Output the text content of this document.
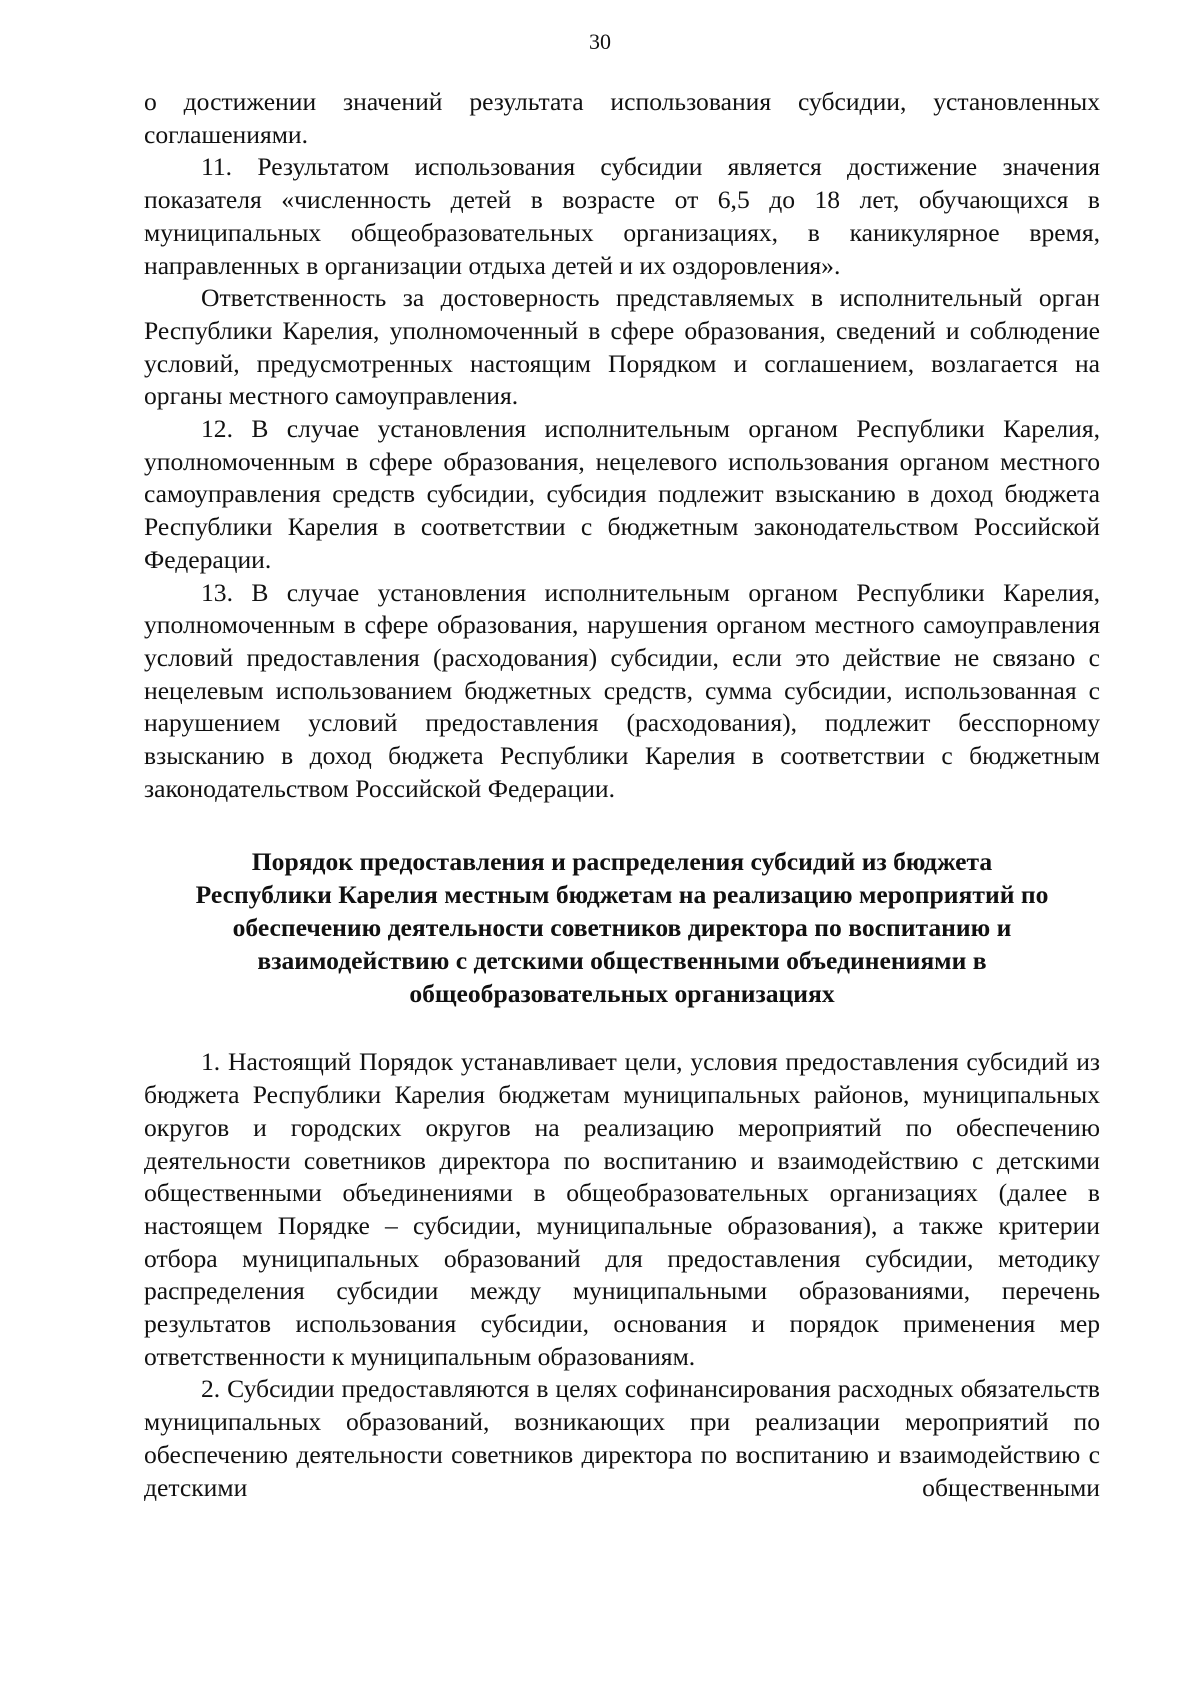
30

о достижении значений результата использования субсидии, установленных соглашениями.

11. Результатом использования субсидии является достижение значения показателя «численность детей в возрасте от 6,5 до 18 лет, обучающихся в муниципальных общеобразовательных организациях, в каникулярное время, направленных в организации отдыха детей и их оздоровления».

Ответственность за достоверность представляемых в исполнительный орган Республики Карелия, уполномоченный в сфере образования, сведений и соблюдение условий, предусмотренных настоящим Порядком и соглашением, возлагается на органы местного самоуправления.

12. В случае установления исполнительным органом Республики Карелия, уполномоченным в сфере образования, нецелевого использования органом местного самоуправления средств субсидии, субсидия подлежит взысканию в доход бюджета Республики Карелия в соответствии с бюджетным законодательством Российской Федерации.

13. В случае установления исполнительным органом Республики Карелия, уполномоченным в сфере образования, нарушения органом местного самоуправления условий предоставления (расходования) субсидии, если это действие не связано с нецелевым использованием бюджетных средств, сумма субсидии, использованная с нарушением условий предоставления (расходования), подлежит бесспорному взысканию в доход бюджета Республики Карелия в соответствии с бюджетным законодательством Российской Федерации.

Порядок предоставления и распределения субсидий из бюджета Республики Карелия местным бюджетам на реализацию мероприятий по обеспечению деятельности советников директора по воспитанию и взаимодействию с детскими общественными объединениями в общеобразовательных организациях

1. Настоящий Порядок устанавливает цели, условия предоставления субсидий из бюджета Республики Карелия бюджетам муниципальных районов, муниципальных округов и городских округов на реализацию мероприятий по обеспечению деятельности советников директора по воспитанию и взаимодействию с детскими общественными объединениями в общеобразовательных организациях (далее в настоящем Порядке – субсидии, муниципальные образования), а также критерии отбора муниципальных образований для предоставления субсидии, методику распределения субсидии между муниципальными образованиями, перечень результатов использования субсидии, основания и порядок применения мер ответственности к муниципальным образованиям.

2. Субсидии предоставляются в целях софинансирования расходных обязательств муниципальных образований, возникающих при реализации мероприятий по обеспечению деятельности советников директора по воспитанию и взаимодействию с детскими общественными
